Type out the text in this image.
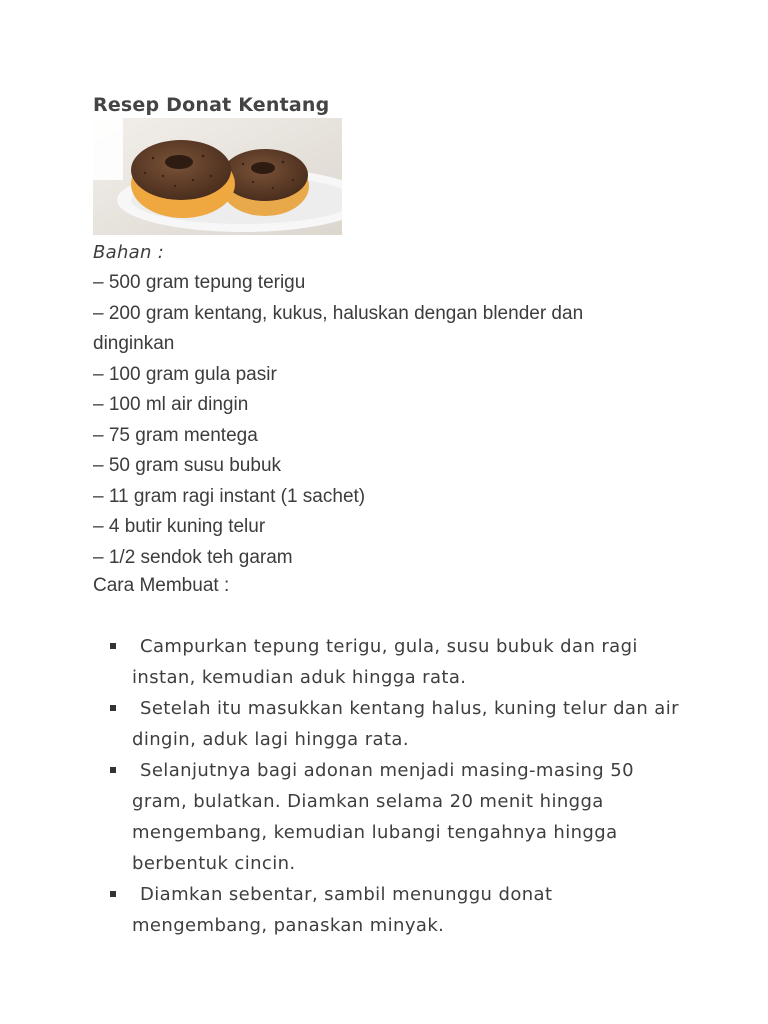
Resep Donat Kentang
Bahan :
– 500 gram tepung terigu
– 200 gram kentang, kukus, haluskan dengan blender dan dinginkan
– 100 gram gula pasir
– 100 ml air dingin
– 75 gram mentega
– 50 gram susu bubuk
– 11 gram ragi instant (1 sachet)
– 4 butir kuning telur
– 1/2 sendok teh garam
Cara Membuat :
Campurkan tepung terigu, gula, susu bubuk dan ragi instan, kemudian aduk hingga rata.
Setelah itu masukkan kentang halus, kuning telur dan air dingin, aduk lagi hingga rata.
Selanjutnya bagi adonan menjadi masing-masing 50 gram, bulatkan. Diamkan selama 20 menit hingga mengembang, kemudian lubangi tengahnya hingga berbentuk cincin.
Diamkan sebentar, sambil menunggu donat mengembang, panaskan minyak.
